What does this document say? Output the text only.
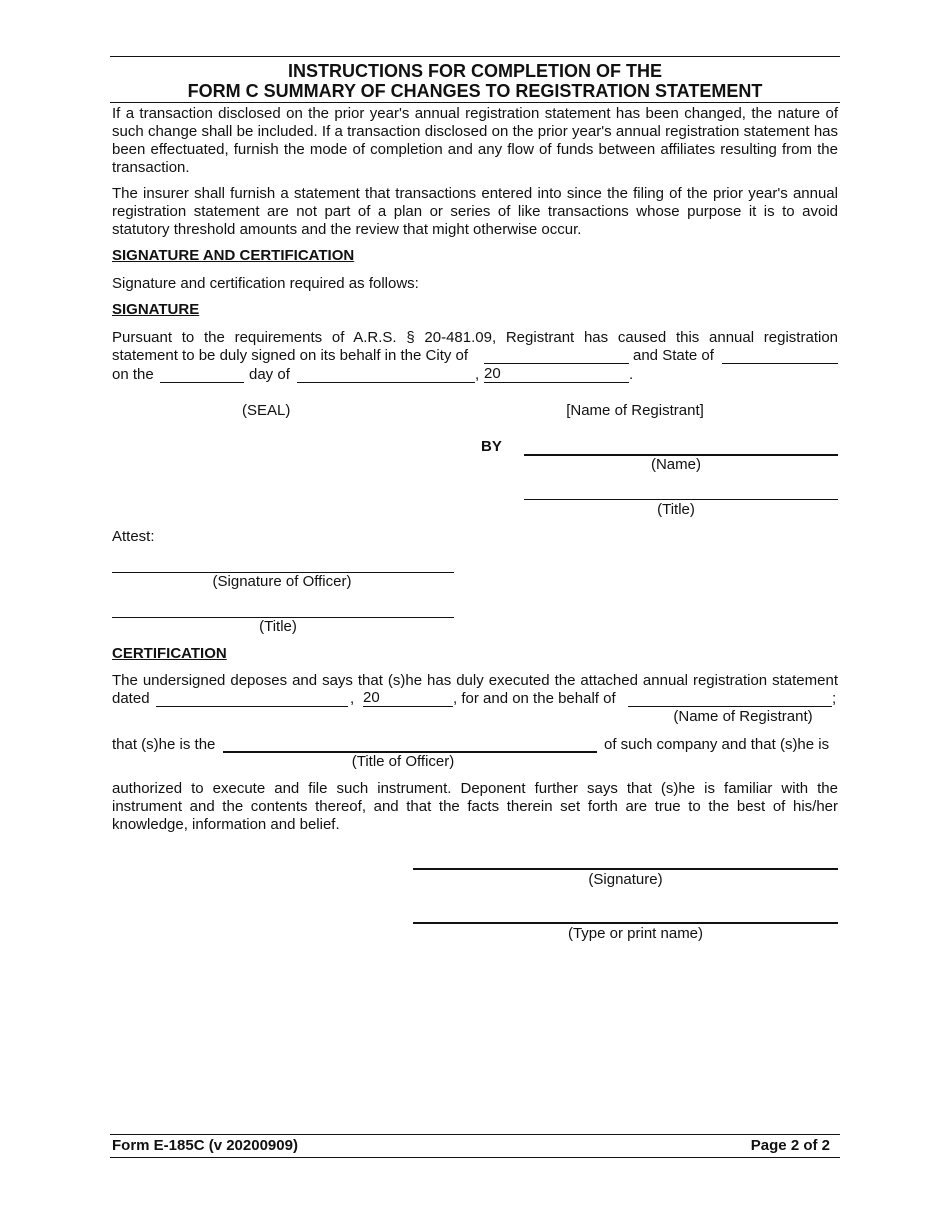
INSTRUCTIONS FOR COMPLETION OF THE
FORM C SUMMARY OF CHANGES TO REGISTRATION STATEMENT
If a transaction disclosed on the prior year's annual registration statement has been changed, the nature of such change shall be included. If a transaction disclosed on the prior year's annual registration statement has been effectuated, furnish the mode of completion and any flow of funds between affiliates resulting from the transaction.
The insurer shall furnish a statement that transactions entered into since the filing of the prior year's annual registration statement are not part of a plan or series of like transactions whose purpose it is to avoid statutory threshold amounts and the review that might otherwise occur.
SIGNATURE AND CERTIFICATION
Signature and certification required as follows:
SIGNATURE
Pursuant to the requirements of A.R.S. § 20-481.09, Registrant has caused this annual registration
statement to be duly signed on its behalf in the City of	and State of
on the	day of	, 20	.
(SEAL)	[Name of Registrant]
BY
(Name)
(Title)
Attest:
(Signature of Officer)
(Title)
CERTIFICATION
The undersigned deposes and says that (s)he has duly executed the attached annual registration statement
dated	, 20	, for and on the behalf of	;
(Name of Registrant)
that (s)he is the	of such company and that (s)he is
(Title of Officer)
authorized to execute and file such instrument. Deponent further says that (s)he is familiar with the instrument and the contents thereof, and that the facts therein set forth are true to the best of his/her knowledge, information and belief.
(Signature)
(Type or print name)
Form E-185C (v 20200909)	Page 2 of 2
